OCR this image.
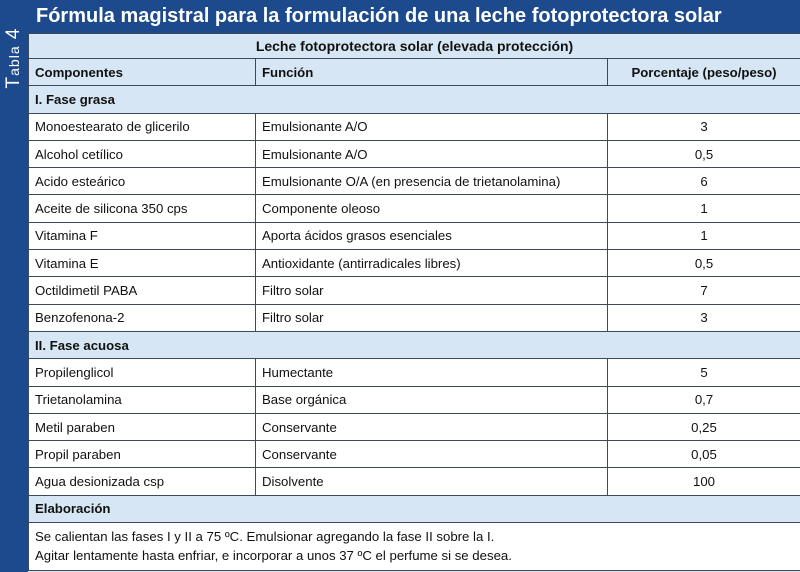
Tabla 4
Fórmula magistral para la formulación de una leche fotoprotectora solar
Leche fotoprotectora solar (elevada protección)		
Componentes	Función	Porcentaje (peso/peso)
I. Fase grasa		
Monoestearato de glicerilo	Emulsionante A/O	3
Alcohol cetílico	Emulsionante A/O	0,5
Acido esteárico	Emulsionante O/A (en presencia de trietanolamina)	6
Aceite de silicona 350 cps	Componente oleoso	1
Vitamina F	Aporta ácidos grasos esenciales	1
Vitamina E	Antioxidante (antirradicales libres)	0,5
Octildimetil PABA	Filtro solar	7
Benzofenona-2	Filtro solar	3
II. Fase acuosa		
Propilenglicol	Humectante	5
Trietanolamina	Base orgánica	0,7
Metil paraben	Conservante	0,25
Propil paraben	Conservante	0,05
Agua desionizada csp	Disolvente	100
Elaboración		

Se calientan las fases I y II a 75 ºC. Emulsionar agregando la fase II sobre la I.
Agitar lentamente hasta enfriar, e incorporar a unos 37 ºC el perfume si se desea.		
